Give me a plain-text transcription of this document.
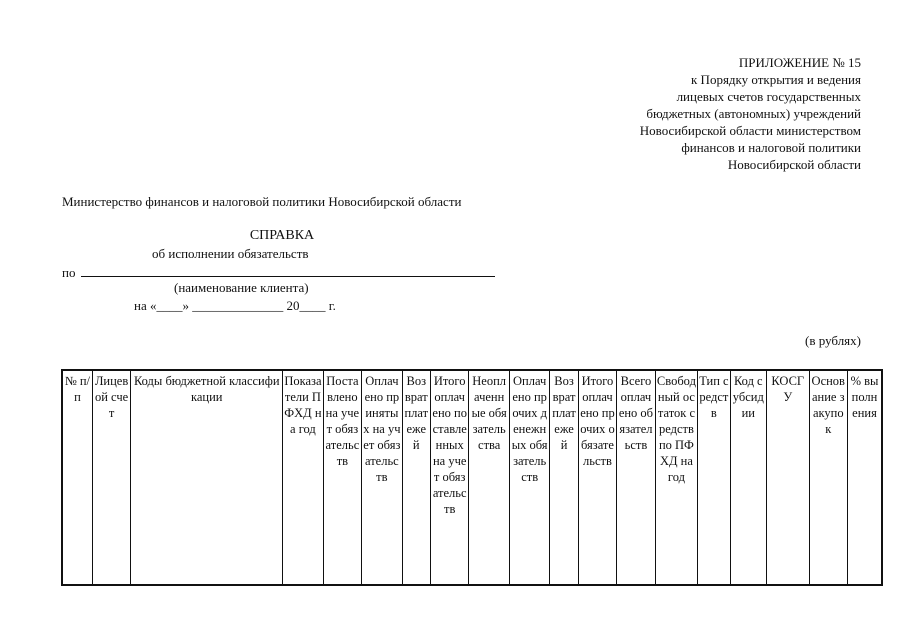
ПРИЛОЖЕНИЕ № 15
к Порядку открытия и ведения
лицевых счетов государственных
бюджетных (автономных) учреждений
Новосибирской области министерством
финансов и налоговой политики
Новосибирской области
Министерство финансов и налоговой политики Новосибирской области
СПРАВКА
об исполнении обязательств
по
(наименование клиента)
на «____» ______________ 20____ г.
(в рублях)
№ п/п	Лицевой счет	Коды бюджетной классификации	Показатели ПФХД на год	Поставлено на учет обязательств	Оплачено принятых на учет обязательств	Возврат платежей	Итого оплачено поставленных на учет обязательств	Неоплаченные обязательства	Оплачено прочих денежных обязательств	Возврат платежей	Итого оплачено прочих обязательств	Всего оплачено обязательств	Свободный остаток средств по ПФХД на год	Тип средств	Код субсидии	КОСГУ	Основание закупок	% выполнения
